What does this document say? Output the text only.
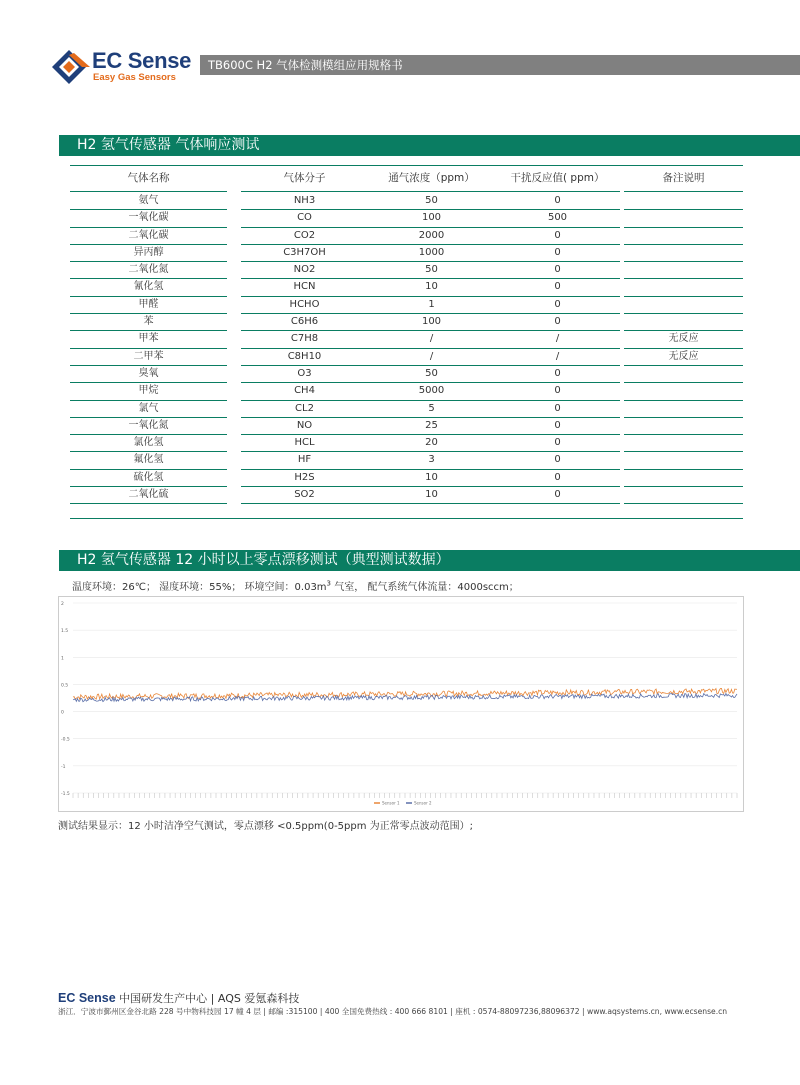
EC Sense
Easy Gas Sensors
TB600C H2 气体检测模组应用规格书
H2 氢气传感器 气体响应测试
气体名称	气体分子	通气浓度（ppm）	干扰反应值( ppm）	备注说明
氨气	NH3	50	0
一氧化碳	CO	100	500
二氧化碳	CO2	2000	0
异丙醇	C3H7OH	1000	0
二氧化氮	NO2	50	0
氰化氢	HCN	10	0
甲醛	HCHO	1	0
苯	C6H6	100	0
甲苯	C7H8	/	/	无反应
二甲苯	C8H10	/	/	无反应
臭氧	O3	50	0
甲烷	CH4	5000	0
氯气	CL2	5	0
一氧化氮	NO	25	0
氯化氢	HCL	20	0
氟化氢	HF	3	0
硫化氢	H2S	10	0
二氧化硫	SO2	10	0
H2 氢气传感器 12 小时以上零点漂移测试（典型测试数据）
温度环境：26℃； 湿度环境：55%； 环境空间：$0.03m^3$ 气室， 配气系统气体流量：4000sccm；
2
1.5
1
0.5
0
-0.5
-1
-1.5
Sensor 1	Sensor 2
测试结果显示：12 小时洁净空气测试，零点漂移 <0.5ppm(0-5ppm 为正常零点波动范围）;
EC Sense 中国研发生产中心 | AQS 爱氪森科技
浙江．宁波市鄞州区金谷北路 228 号中物科技园 17 幢 4 层 | 邮编 :315100 | 400 全国免费热线 : 400 666 8101 | 座机 : 0574-88097236,88096372 | www.aqsystems.cn, www.ecsense.cn
